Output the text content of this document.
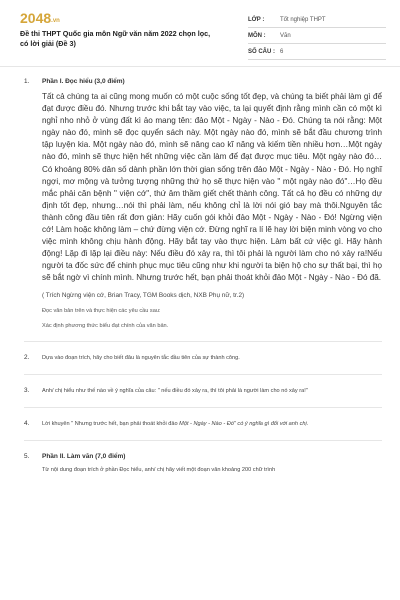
2048.vn
Đề thi THPT Quốc gia môn Ngữ văn năm 2022 chọn lọc, có lời giải (Đề 3)
LỚP :	Tốt nghiệp THPT
MÔN :	Văn
SỐ CÂU : 6
1. Phần I. Đọc hiểu (3,0 điểm)
Tất cả chúng ta ai cũng mong muốn có một cuộc sống tốt đẹp, và chúng ta biết phải làm gì để đạt được điều đó. Nhưng trước khi bắt tay vào việc, ta lại quyết định rằng mình cần có một kì nghỉ nho nhỏ ở vùng đất kì ảo mang tên: đảo Một - Ngày - Nào - Đó. Chúng ta nói rằng: Một ngày nào đó, mình sẽ đọc quyển sách này. Một ngày nào đó, mình sẽ bắt đầu chương trình tập luyện kia. Một ngày nào đó, mình sẽ nâng cao kĩ năng và kiếm tiền nhiều hơn…Một ngày nào đó, mình sẽ thực hiện hết những việc cần làm để đạt được mục tiêu. Một ngày nào đó…Có khoảng 80% dân số dành phần lớn thời gian sống trên đảo Một - Ngày - Nào - Đó. Họ nghĩ ngợi, mơ mộng và tưởng tượng những thứ họ sẽ thực hiện vào " một ngày nào đó"…Họ đều mắc phải căn bệnh " viện cớ", thứ âm thầm giết chết thành công. Tất cả họ đều có những dự định tốt đẹp, nhưng…nói thì phải làm, nếu không chỉ là lời nói gió bay mà thôi.Nguyên tắc thành công đầu tiên rất đơn giản: Hãy cuốn gói khỏi đảo Một - Ngày - Nào - Đó! Ngừng viện cớ! Làm hoặc không làm – chứ đừng viện cớ. Đừng nghĩ ra lí lẽ hay lời biện minh vòng vo cho việc mình không chịu hành động. Hãy bắt tay vào thực hiện. Làm bất cứ việc gì. Hãy hành động! Lặp đi lặp lại điều này: Nếu điều đó xảy ra, thì tôi phải là người làm cho nó xảy ra!Nếu người ta đốc sức để chinh phục mục tiêu cũng như khi người ta biện hộ cho sự thất bại, thì họ sẽ bắt ngờ vì chính mình. Nhưng trước hết, bạn phải thoát khỏi đảo Một - Ngày - Nào - Đó đã.
( Trích Ngừng viện cớ, Brian Tracy, TGM Books dịch, NXB Phụ nữ, tr.2)
Đọc văn bản trên và thực hiện các yêu cầu sau:
Xác định phương thức biểu đạt chính của văn bản.
2. Dựa vào đoạn trích, hãy cho biết đâu là nguyên tắc đầu tiên của sự thành công.
3. Anh/ chị hiểu như thế nào về ý nghĩa của câu: " nếu điều đó xảy ra, thì tôi phải là người làm cho nó xảy ra!"
4. Lời khuyên " Nhưng trước hết, bạn phải thoát khỏi đảo Một - Ngày - Nào - Đó" có ý nghĩa gì đối với anh chị.
5. Phần II. Làm văn (7,0 điểm)
Từ nội dung đoạn trích ở phần Đọc hiểu, anh/ chị hãy viết một đoạn văn khoảng 200 chữ trình
